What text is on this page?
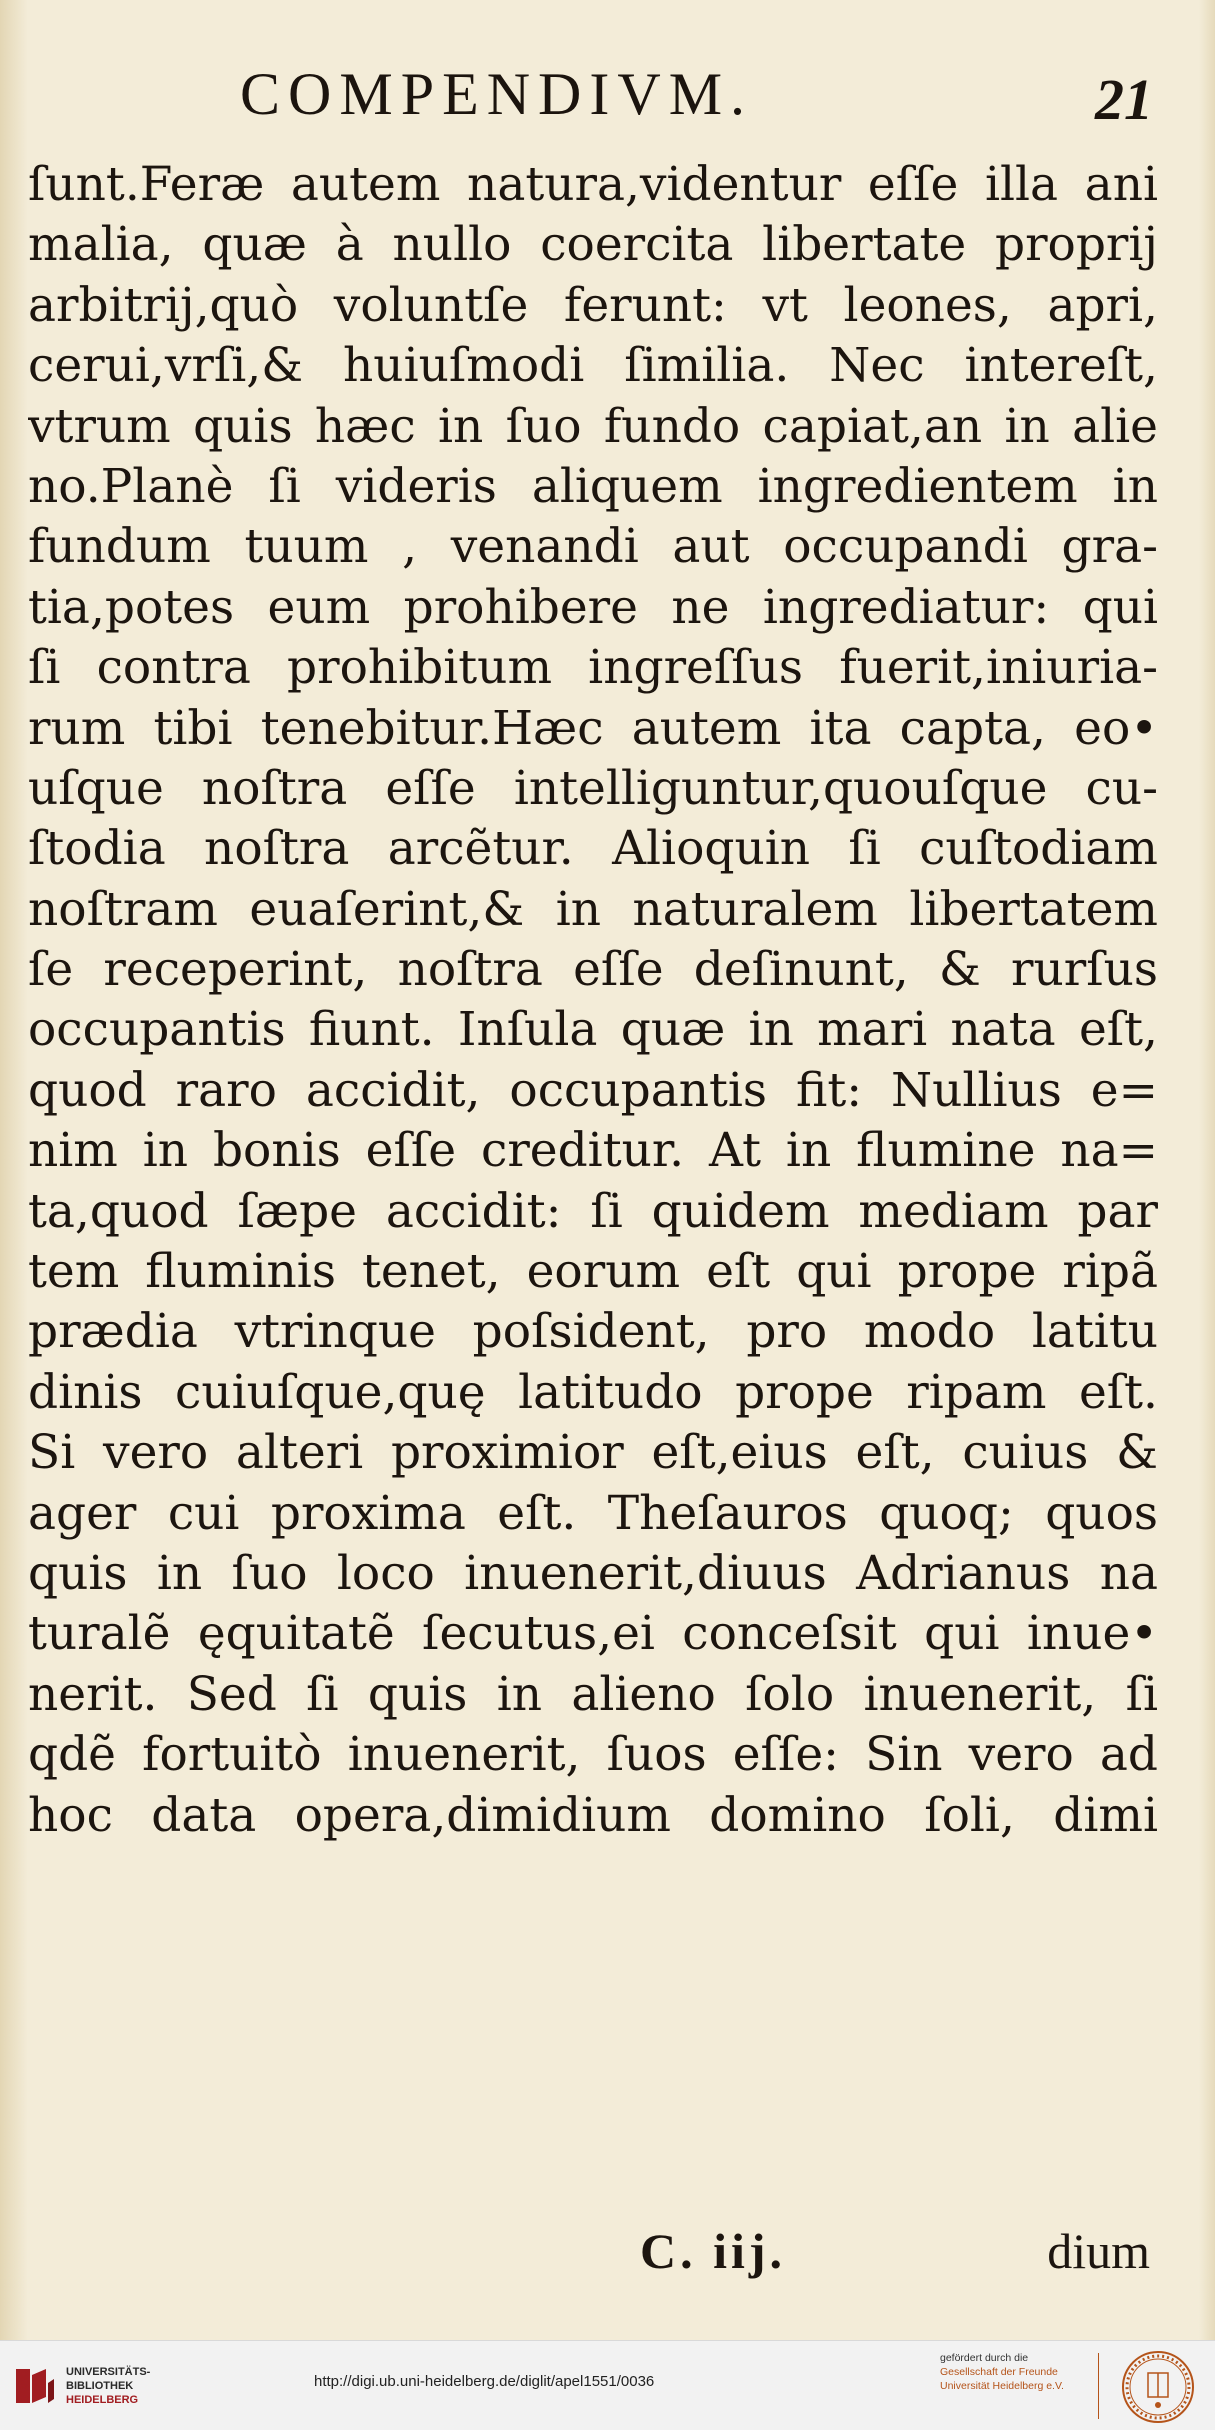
COMPENDIVM.	21
ſunt.Feræ autem natura,videntur eſſe illa ani
malia, quæ à nullo coercita libertate proprij
arbitrij,quò voluntſe ferunt: vt leones, apri,
cerui,vrſi,& huiuſmodi ſimilia. Nec intereſt,
vtrum quis hæc in ſuo fundo capiat,an in alie
no.Planè ſi videris aliquem ingredientem in
fundum tuum , venandi aut occupandi gra-
tia,potes eum prohibere ne ingrediatur: qui
ſi contra prohibitum ingreſſus fuerit,iniuria-
rum tibi tenebitur.Hæc autem ita capta, eo•
uſque noſtra eſſe intelliguntur,quouſque cu-
ſtodia noſtra arcẽtur. Alioquin ſi cuſtodiam
noſtram euaſerint,& in naturalem libertatem
ſe receperint, noſtra eſſe deſinunt, & rurſus
occupantis fiunt. Inſula quæ in mari nata eſt,
quod raro accidit, occupantis fit: Nullius e=
nim in bonis eſſe creditur. At in flumine na=
ta,quod ſæpe accidit: ſi quidem mediam par
tem fluminis tenet, eorum eſt qui prope ripã
prædia vtrinque poſsident, pro modo latitu
dinis cuiuſque,quę latitudo prope ripam eſt.
Si vero alteri proximior eſt,eius eſt, cuius &
ager cui proxima eſt. Theſauros quoq; quos
quis in ſuo loco inuenerit,diuus Adrianus na
turalẽ ęquitatẽ ſecutus,ei conceſsit qui inue•
nerit. Sed ſi quis in alieno ſolo inuenerit, ſi
qdẽ fortuitò inuenerit, ſuos eſſe: Sin vero ad
hoc data opera,dimidium domino ſoli, dimi
C. iij.	dium
UNIVERSITÄTS-
BIBLIOTHEK
HEIDELBERG
http://digi.ub.uni-heidelberg.de/diglit/apel1551/0036
gefördert durch die
Gesellschaft der Freunde
Universität Heidelberg e.V.
